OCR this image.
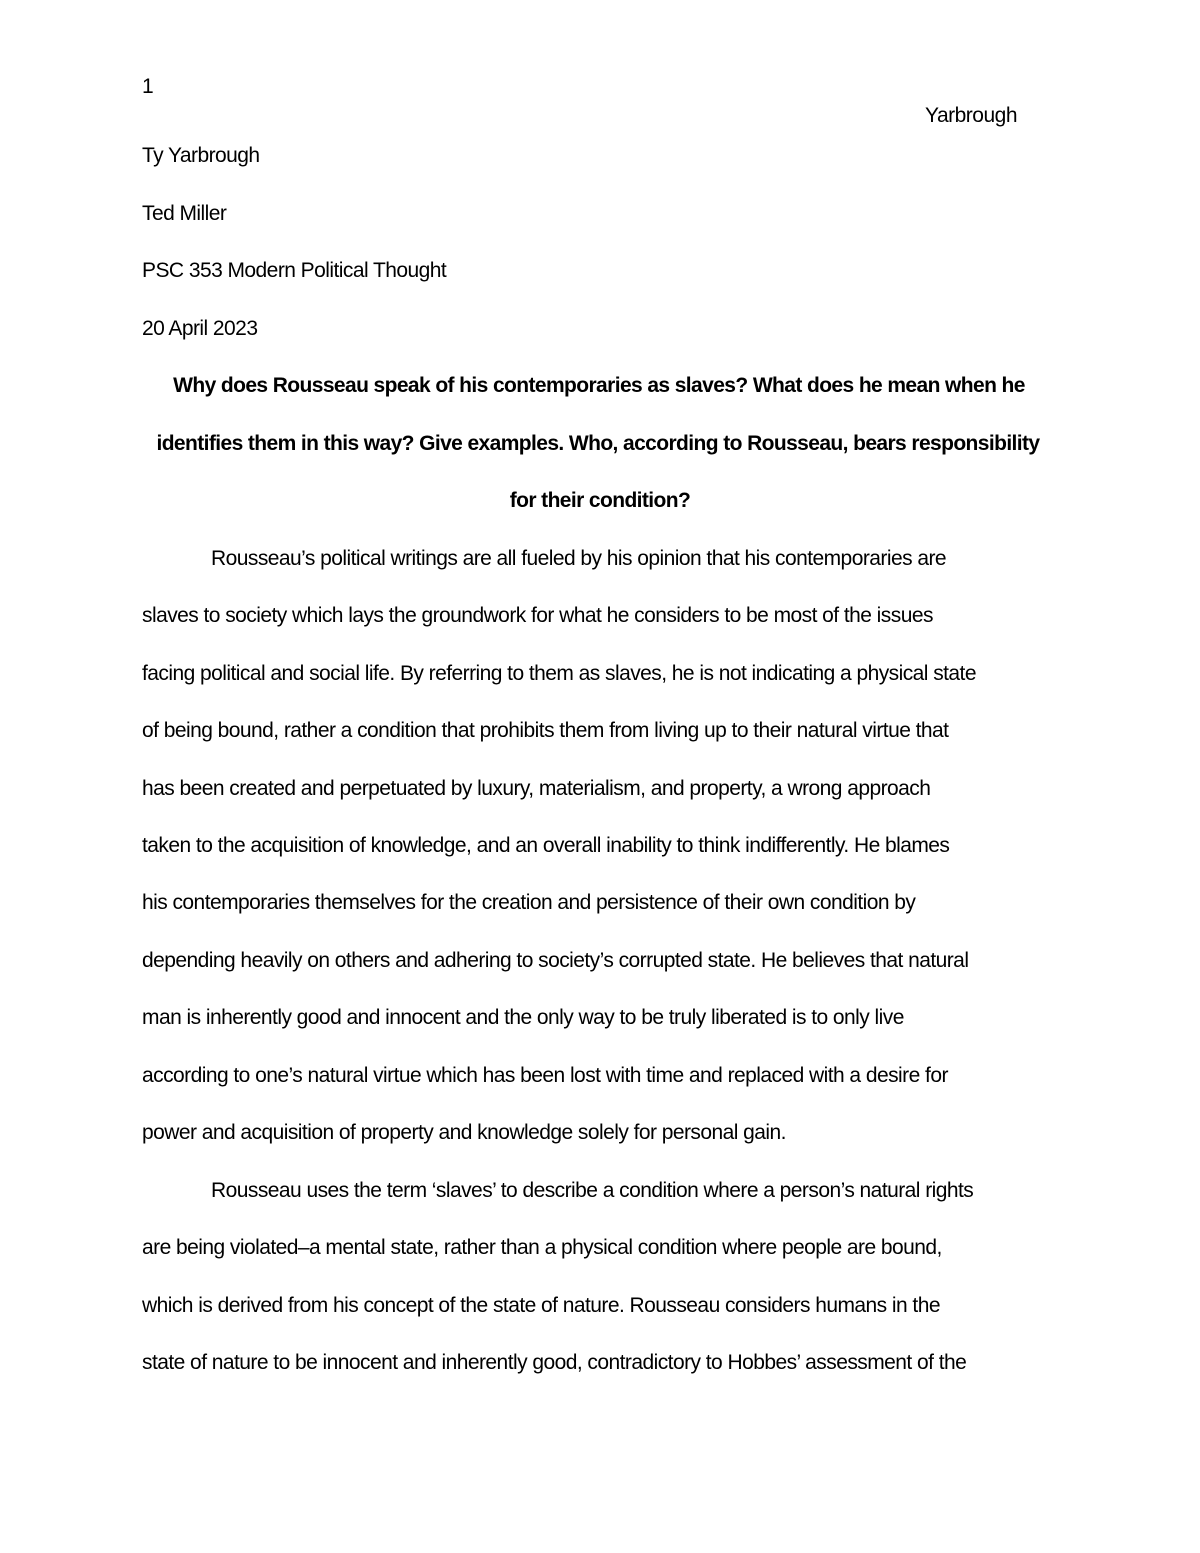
1
Yarbrough
Ty Yarbrough
Ted Miller
PSC 353 Modern Political Thought
20 April 2023
Why does Rousseau speak of his contemporaries as slaves? What does he mean when he
identifies them in this way? Give examples. Who, according to Rousseau, bears responsibility
for their condition?
Rousseau’s political writings are all fueled by his opinion that his contemporaries are
slaves to society which lays the groundwork for what he considers to be most of the issues
facing political and social life. By referring to them as slaves, he is not indicating a physical state
of being bound, rather a condition that prohibits them from living up to their natural virtue that
has been created and perpetuated by luxury, materialism, and property, a wrong approach
taken to the acquisition of knowledge, and an overall inability to think indifferently. He blames
his contemporaries themselves for the creation and persistence of their own condition by
depending heavily on others and adhering to society’s corrupted state. He believes that natural
man is inherently good and innocent and the only way to be truly liberated is to only live
according to one’s natural virtue which has been lost with time and replaced with a desire for
power and acquisition of property and knowledge solely for personal gain.
Rousseau uses the term ‘slaves’ to describe a condition where a person’s natural rights
are being violated–a mental state, rather than a physical condition where people are bound,
which is derived from his concept of the state of nature. Rousseau considers humans in the
state of nature to be innocent and inherently good, contradictory to Hobbes’ assessment of the
